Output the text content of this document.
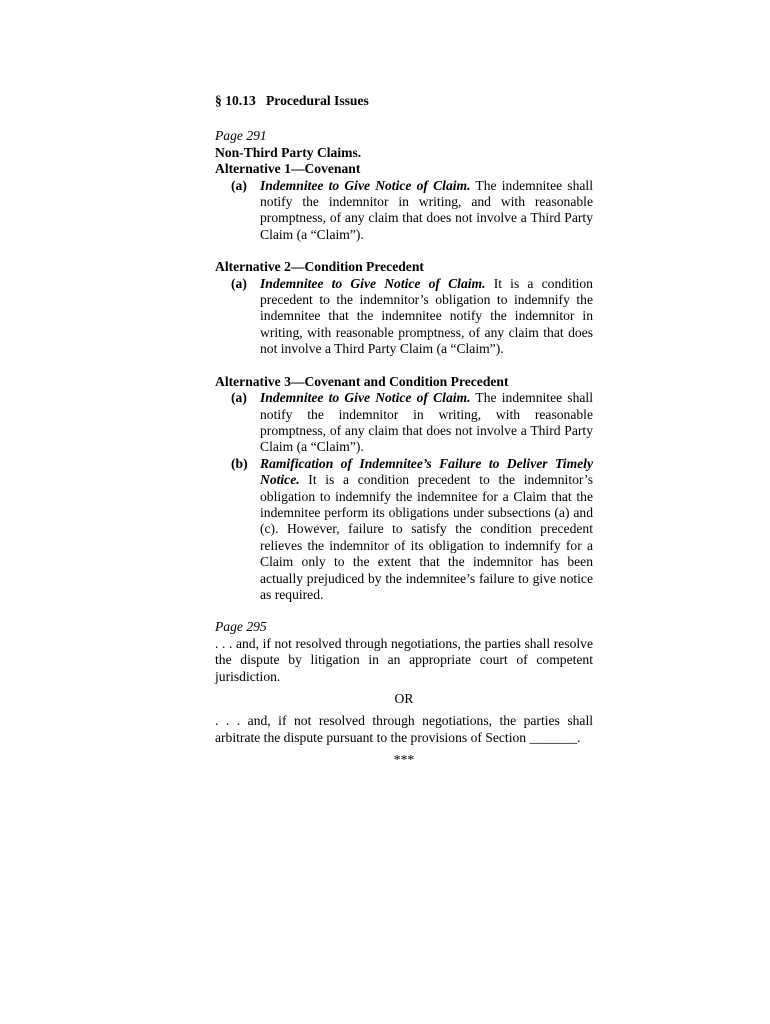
§ 10.13   Procedural Issues

Page 291

Non-Third Party Claims.

Alternative 1—Covenant

(a) Indemnitee to Give Notice of Claim. The indemnitee shall notify the indemnitor in writing, and with reasonable promptness, of any claim that does not involve a Third Party Claim (a “Claim”).

Alternative 2—Condition Precedent

(a) Indemnitee to Give Notice of Claim. It is a condition precedent to the indemnitor’s obligation to indemnify the indemnitee that the indemnitee notify the indemnitor in writing, with reasonable promptness, of any claim that does not involve a Third Party Claim (a “Claim”).

Alternative 3—Covenant and Condition Precedent

(a) Indemnitee to Give Notice of Claim. The indemnitee shall notify the indemnitor in writing, with reasonable promptness, of any claim that does not involve a Third Party Claim (a “Claim”).
(b) Ramification of Indemnitee’s Failure to Deliver Timely Notice. It is a condition precedent to the indemnitor’s obligation to indemnify the indemnitee for a Claim that the indemnitee perform its obligations under subsections (a) and (c). However, failure to satisfy the condition precedent relieves the indemnitor of its obligation to indemnify for a Claim only to the extent that the indemnitor has been actually prejudiced by the indemnitee’s failure to give notice as required.

Page 295

. . . and, if not resolved through negotiations, the parties shall resolve the dispute by litigation in an appropriate court of competent jurisdiction.

OR

. . . and, if not resolved through negotiations, the parties shall arbitrate the dispute pursuant to the provisions of Section _______.

***
